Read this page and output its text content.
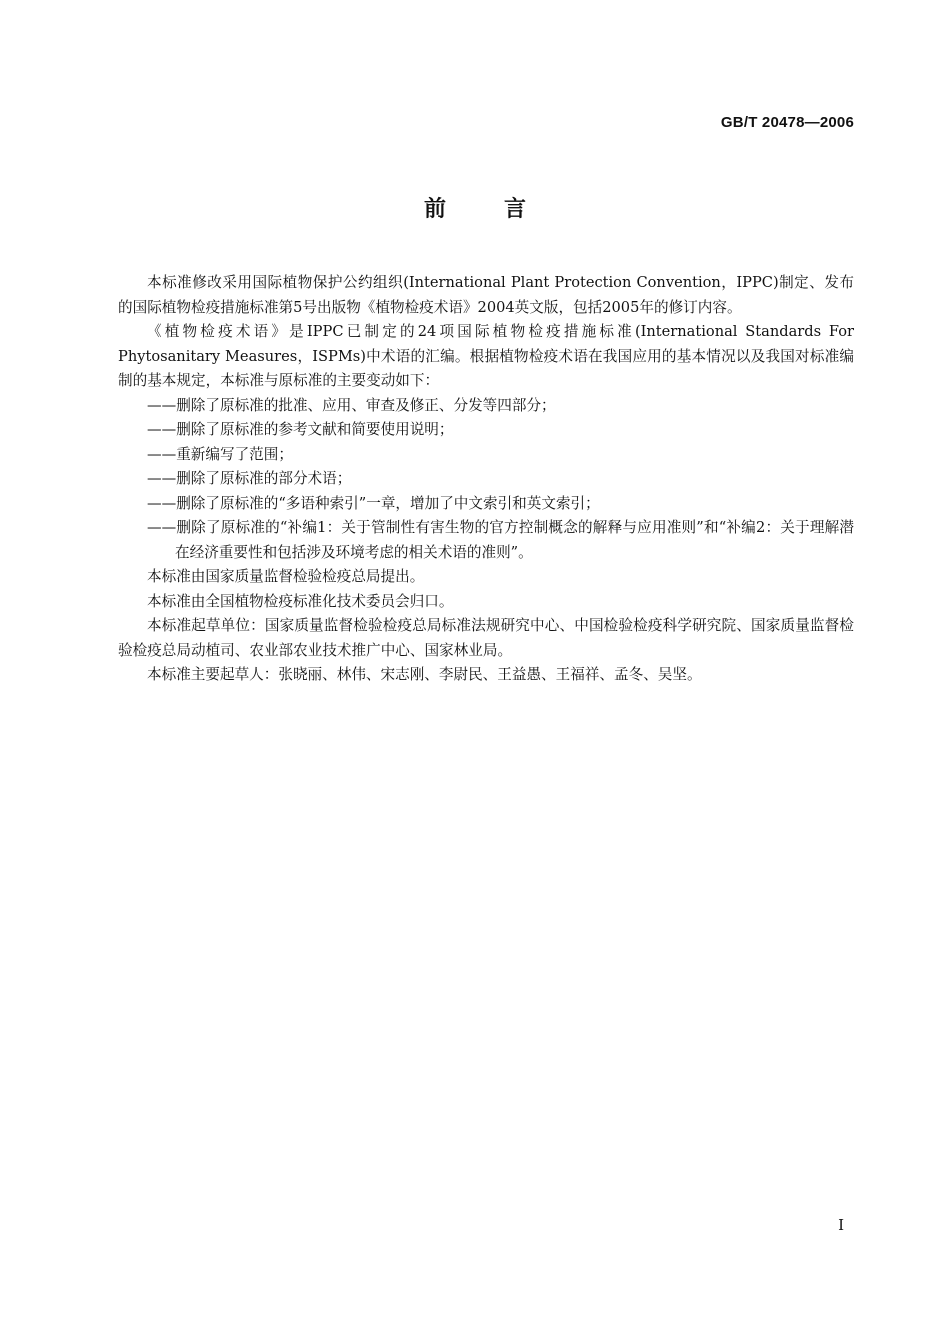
GB/T 20478—2006
前言

本标准修改采用国际植物保护公约组织(International Plant Protection Convention，IPPC)制定、发布的国际植物检疫措施标准第5号出版物《植物检疫术语》2004英文版，包括2005年的修订内容。

《植物检疫术语》是IPPC已制定的24项国际植物检疫措施标准(International Standards For Phytosanitary Measures，ISPMs)中术语的汇编。根据植物检疫术语在我国应用的基本情况以及我国对标准编制的基本规定，本标准与原标准的主要变动如下：

——删除了原标准的批准、应用、审查及修正、分发等四部分；

——删除了原标准的参考文献和简要使用说明；

——重新编写了范围；

——删除了原标准的部分术语；

——删除了原标准的“多语种索引”一章，增加了中文索引和英文索引；

——删除了原标准的“补编1：关于管制性有害生物的官方控制概念的解释与应用准则”和“补编2：关于理解潜在经济重要性和包括涉及环境考虑的相关术语的准则”。

本标准由国家质量监督检验检疫总局提出。

本标准由全国植物检疫标准化技术委员会归口。

本标准起草单位：国家质量监督检验检疫总局标准法规研究中心、中国检验检疫科学研究院、国家质量监督检验检疫总局动植司、农业部农业技术推广中心、国家林业局。

本标准主要起草人：张晓丽、林伟、宋志刚、李尉民、王益愚、王福祥、孟冬、吴坚。

I
